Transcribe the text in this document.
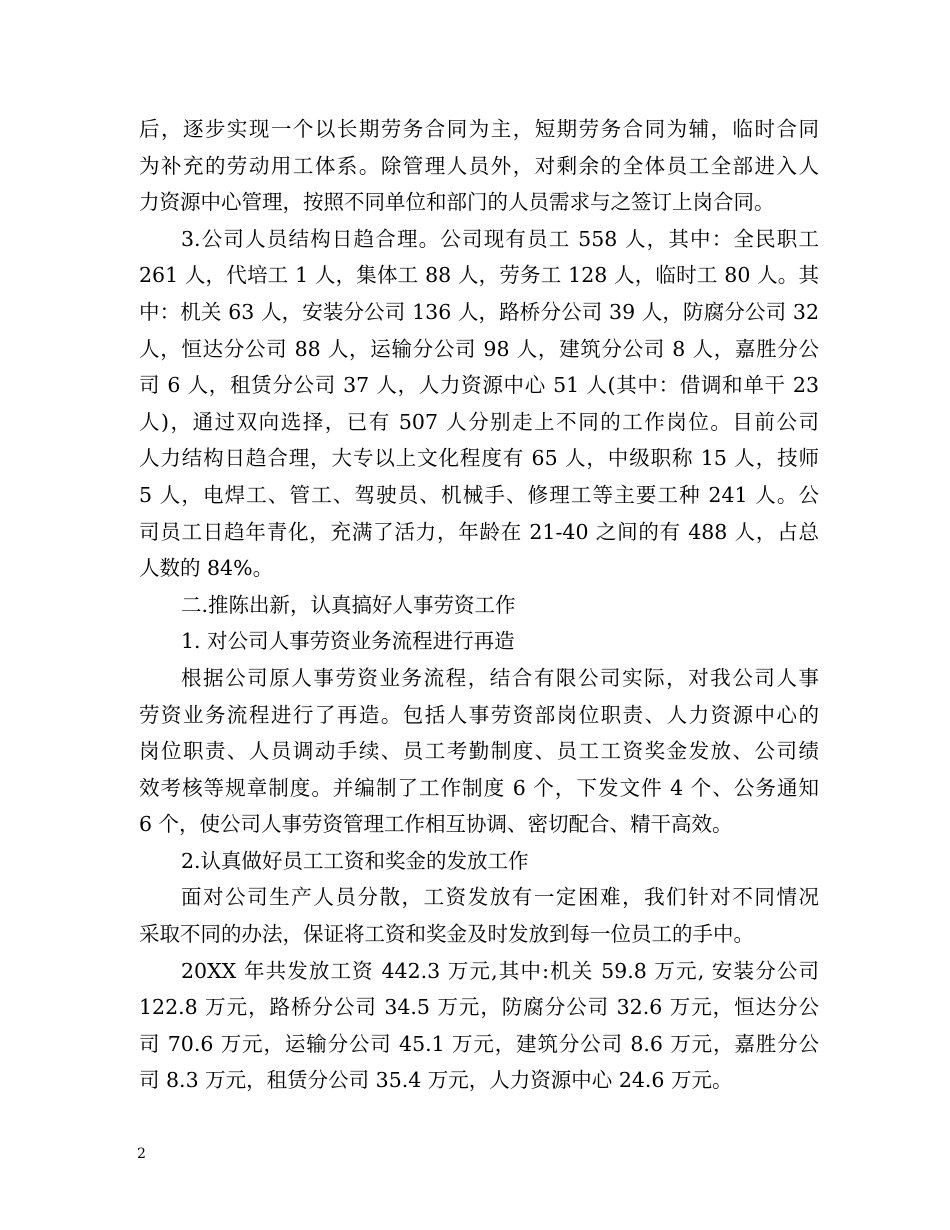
后，逐步实现一个以长期劳务合同为主，短期劳务合同为辅，临时合同
为补充的劳动用工体系。除管理人员外，对剩余的全体员工全部进入人
力资源中心管理，按照不同单位和部门的人员需求与之签订上岗合同。
3.公司人员结构日趋合理。公司现有员工 558 人，其中：全民职工
261 人，代培工 1 人，集体工 88 人，劳务工 128 人，临时工 80 人。其
中：机关 63 人，安装分公司 136 人，路桥分公司 39 人，防腐分公司 32
人，恒达分公司 88 人，运输分公司 98 人，建筑分公司 8 人，嘉胜分公
司 6 人，租赁分公司 37 人，人力资源中心 51 人(其中：借调和单干 23
人)，通过双向选择，已有 507 人分别走上不同的工作岗位。目前公司
人力结构日趋合理，大专以上文化程度有 65 人，中级职称 15 人，技师
5 人，电焊工、管工、驾驶员、机械手、修理工等主要工种 241 人。公
司员工日趋年青化，充满了活力，年龄在 21-40 之间的有 488 人，占总
人数的 84%。
二.推陈出新，认真搞好人事劳资工作
1. 对公司人事劳资业务流程进行再造
根据公司原人事劳资业务流程，结合有限公司实际，对我公司人事
劳资业务流程进行了再造。包括人事劳资部岗位职责、人力资源中心的
岗位职责、人员调动手续、员工考勤制度、员工工资奖金发放、公司绩
效考核等规章制度。并编制了工作制度 6 个，下发文件 4 个、公务通知
6 个，使公司人事劳资管理工作相互协调、密切配合、精干高效。
2.认真做好员工工资和奖金的发放工作
面对公司生产人员分散，工资发放有一定困难，我们针对不同情况
采取不同的办法，保证将工资和奖金及时发放到每一位员工的手中。
20XX 年共发放工资 442.3 万元,其中:机关 59.8 万元, 安装分公司
122.8 万元，路桥分公司 34.5 万元，防腐分公司 32.6 万元，恒达分公
司 70.6 万元，运输分公司 45.1 万元，建筑分公司 8.6 万元，嘉胜分公
司 8.3 万元，租赁分公司 35.4 万元，人力资源中心 24.6 万元。
2
